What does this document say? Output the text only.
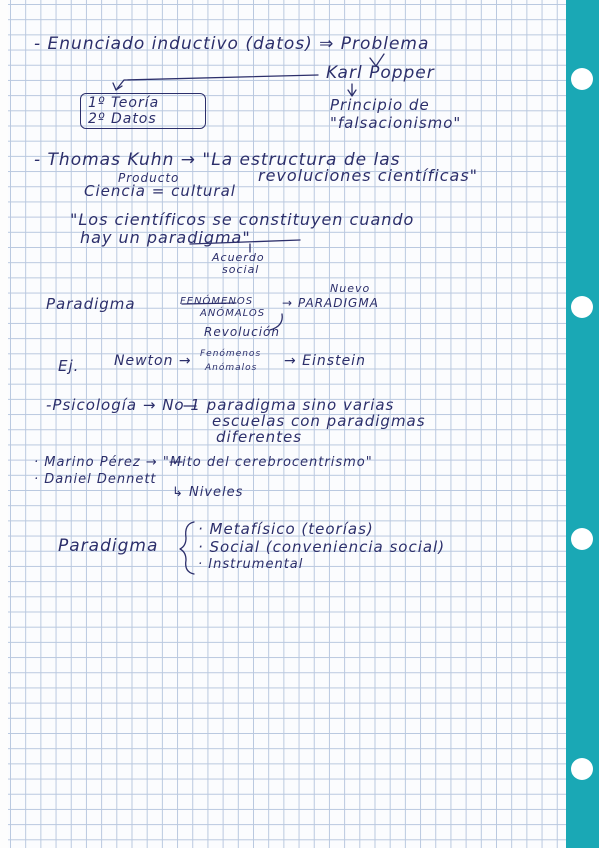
- Enunciado inductivo (datos) ⇒ Problema
Karl Popper
Principio de
"falsacionismo"
1º Teoría
2º Datos
- Thomas Kuhn → "La estructura de las
Producto	revoluciones científicas"
Ciencia = cultural
"Los científicos se constituyen cuando
hay un paradigma"
Acuerdo
social
Paradigma	FENÓMENOS
ANÓMALOS
Nuevo
→ PARADIGMA
Revolución
Ej. Newton → Fenómenos
Anómalos → Einstein
-Psicología → No 1 paradigma sino varias
escuelas con paradigmas
diferentes
· Marino Pérez → "Mito del cerebrocentrismo"
· Daniel Dennett
↳ Niveles
Paradigma
· Metafísico (teorías)
· Social (conveniencia social)
· Instrumental
